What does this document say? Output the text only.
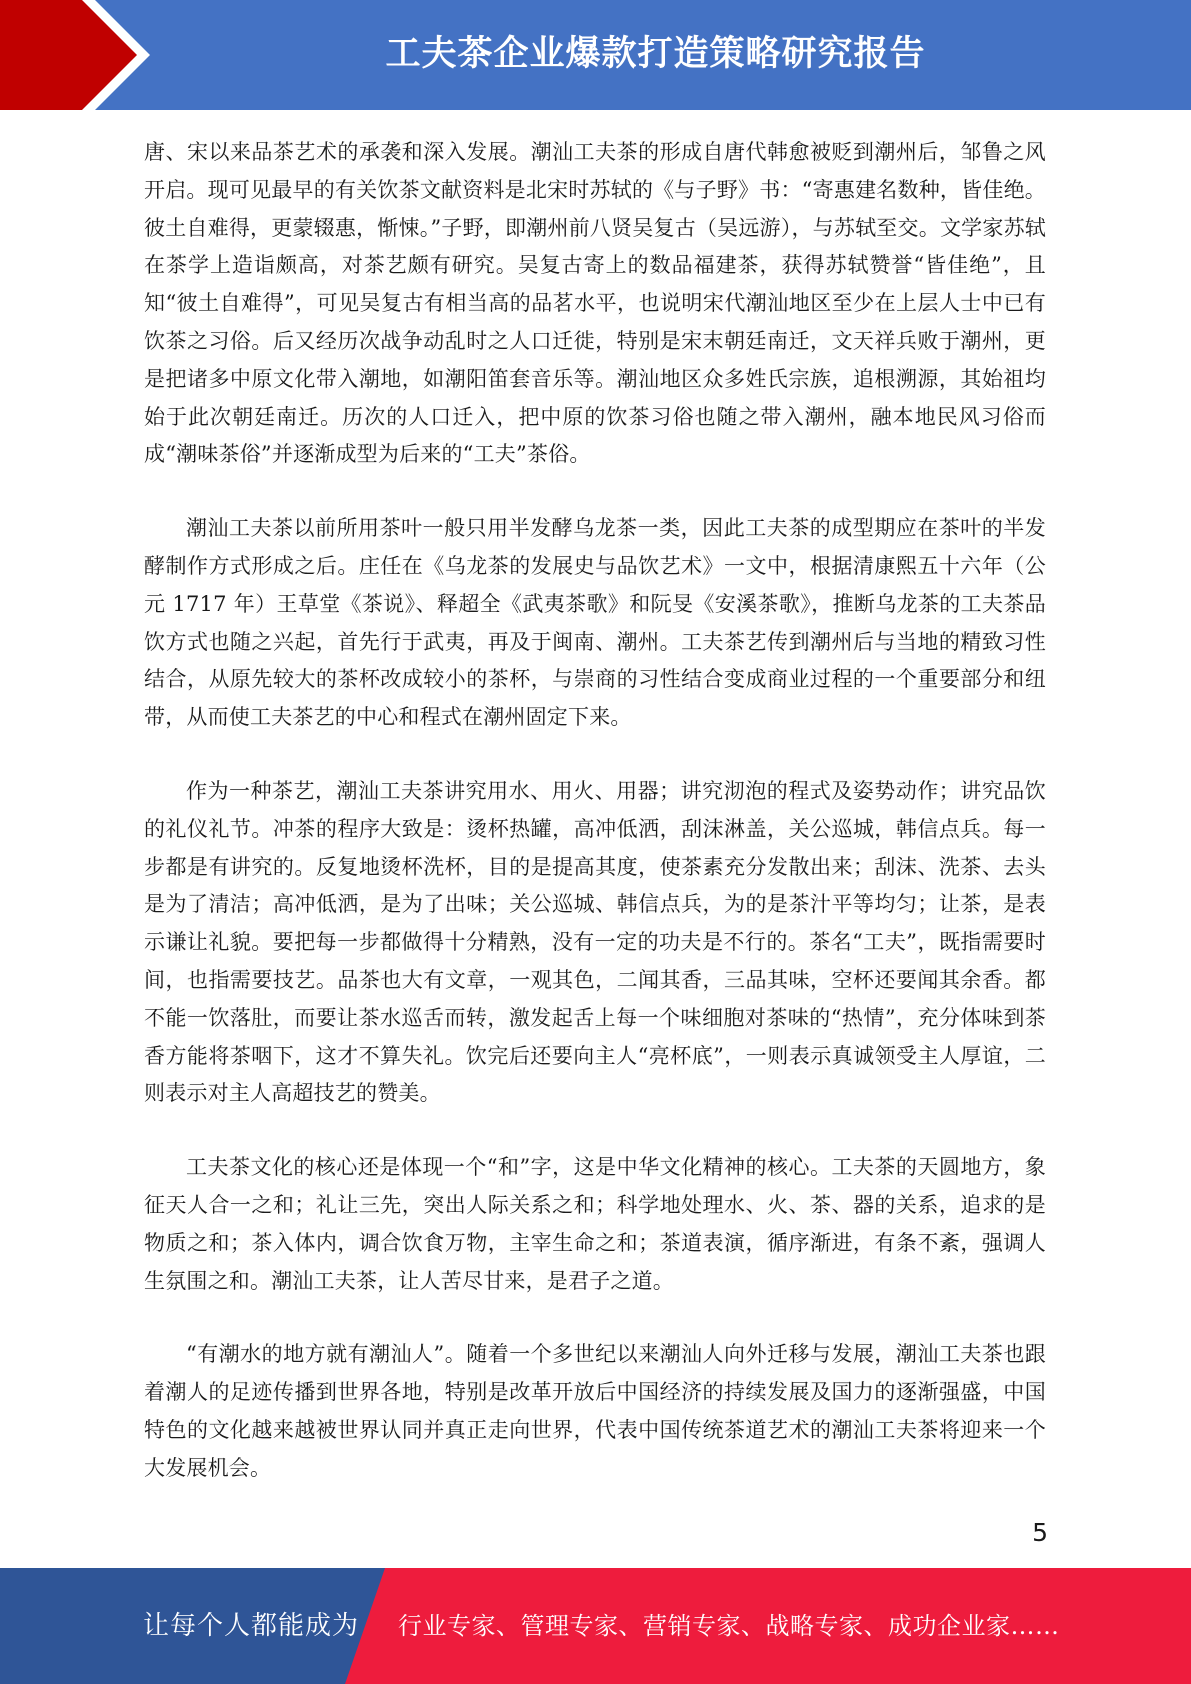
工夫茶企业爆款打造策略研究报告

唐、宋以来品茶艺术的承袭和深入发展。潮汕工夫茶的形成自唐代韩愈被贬到潮州后，邹鲁之风开启。现可见最早的有关饮茶文献资料是北宋时苏轼的《与子野》书：“寄惠建名数种，皆佳绝。彼土自难得，更蒙辍惠，惭悚。”子野，即潮州前八贤吴复古（吴远游），与苏轼至交。文学家苏轼在茶学上造诣颇高，对茶艺颇有研究。吴复古寄上的数品福建茶，获得苏轼赞誉“皆佳绝”，且知“彼土自难得”，可见吴复古有相当高的品茗水平，也说明宋代潮汕地区至少在上层人士中已有饮茶之习俗。后又经历次战争动乱时之人口迁徙，特别是宋末朝廷南迁，文天祥兵败于潮州，更是把诸多中原文化带入潮地，如潮阳笛套音乐等。潮汕地区众多姓氏宗族，追根溯源，其始祖均始于此次朝廷南迁。历次的人口迁入，把中原的饮茶习俗也随之带入潮州，融本地民风习俗而成“潮味茶俗”并逐渐成型为后来的“工夫”茶俗。

潮汕工夫茶以前所用茶叶一般只用半发酵乌龙茶一类，因此工夫茶的成型期应在茶叶的半发酵制作方式形成之后。庄任在《乌龙茶的发展史与品饮艺术》一文中，根据清康熙五十六年（公元 1717 年）王草堂《茶说》、释超全《武夷茶歌》和阮旻《安溪茶歌》，推断乌龙茶的工夫茶品饮方式也随之兴起，首先行于武夷，再及于闽南、潮州。工夫茶艺传到潮州后与当地的精致习性结合，从原先较大的茶杯改成较小的茶杯，与崇商的习性结合变成商业过程的一个重要部分和纽带，从而使工夫茶艺的中心和程式在潮州固定下来。

作为一种茶艺，潮汕工夫茶讲究用水、用火、用器；讲究沏泡的程式及姿势动作；讲究品饮的礼仪礼节。冲茶的程序大致是：烫杯热罐，高冲低洒，刮沫淋盖，关公巡城，韩信点兵。每一步都是有讲究的。反复地烫杯洗杯，目的是提高其度，使茶素充分发散出来；刮沫、洗茶、去头是为了清洁；高冲低洒，是为了出味；关公巡城、韩信点兵，为的是茶汁平等均匀；让茶，是表示谦让礼貌。要把每一步都做得十分精熟，没有一定的功夫是不行的。茶名“工夫”，既指需要时间，也指需要技艺。品茶也大有文章，一观其色，二闻其香，三品其味，空杯还要闻其余香。都不能一饮落肚，而要让茶水巡舌而转，激发起舌上每一个味细胞对茶味的“热情”，充分体味到茶香方能将茶咽下，这才不算失礼。饮完后还要向主人“亮杯底”，一则表示真诚领受主人厚谊，二则表示对主人高超技艺的赞美。

工夫茶文化的核心还是体现一个“和”字，这是中华文化精神的核心。工夫茶的天圆地方，象征天人合一之和；礼让三先，突出人际关系之和；科学地处理水、火、茶、器的关系，追求的是物质之和；茶入体内，调合饮食万物，主宰生命之和；茶道表演，循序渐进，有条不紊，强调人生氛围之和。潮汕工夫茶，让人苦尽甘来，是君子之道。

“有潮水的地方就有潮汕人”。随着一个多世纪以来潮汕人向外迁移与发展，潮汕工夫茶也跟着潮人的足迹传播到世界各地，特别是改革开放后中国经济的持续发展及国力的逐渐强盛，中国特色的文化越来越被世界认同并真正走向世界，代表中国传统茶道艺术的潮汕工夫茶将迎来一个大发展机会。

5
让每个人都能成为 行业专家、管理专家、营销专家、战略专家、成功企业家……
